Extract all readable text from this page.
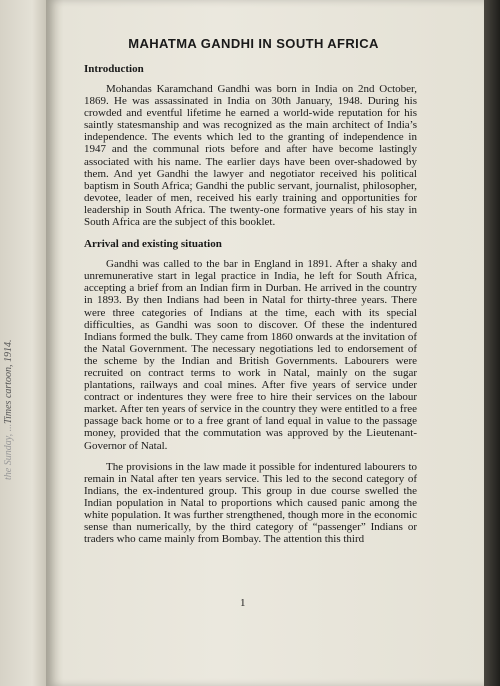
the Sunday, ...Times cartoon, 1914.
MAHATMA GANDHI IN SOUTH AFRICA
Introduction

Mohandas Karamchand Gandhi was born in India on 2nd October, 1869. He was assassinated in India on 30th January, 1948. During his crowded and eventful lifetime he earned a world-wide reputation for his saintly statesmanship and was recognized as the main architect of India’s independence. The events which led to the granting of independence in 1947 and the communal riots before and after have become lastingly associated with his name. The earlier days have been over-shadowed by them. And yet Gandhi the lawyer and negotiator received his political baptism in South Africa; Gandhi the public servant, journalist, philosopher, devotee, leader of men, received his early training and opportunities for leadership in South Africa. The twenty-one formative years of his stay in South Africa are the subject of this booklet.

Arrival and existing situation

Gandhi was called to the bar in England in 1891. After a shaky and unremunerative start in legal practice in India, he left for South Africa, accepting a brief from an Indian firm in Durban. He arrived in the country in 1893. By then Indians had been in Natal for thirty-three years. There were three categories of Indians at the time, each with its special difficulties, as Gandhi was soon to discover. Of these the indentured Indians formed the bulk. They came from 1860 onwards at the invitation of the Natal Government. The necessary negotiations led to endorsement of the scheme by the Indian and British Governments. Labourers were recruited on contract terms to work in Natal, mainly on the sugar plantations, railways and coal mines. After five years of service under contract or indentures they were free to hire their services on the labour market. After ten years of service in the country they were entitled to a free passage back home or to a free grant of land equal in value to the passage money, provided that the commutation was approved by the Lieutenant-Governor of Natal.

The provisions in the law made it possible for indentured labourers to remain in Natal after ten years service. This led to the second category of Indians, the ex-indentured group. This group in due course swelled the Indian population in Natal to proportions which caused panic among the white population. It was further strengthened, though more in the economic sense than numerically, by the third category of “passenger” Indians or traders who came mainly from Bombay. The attention this third

1
